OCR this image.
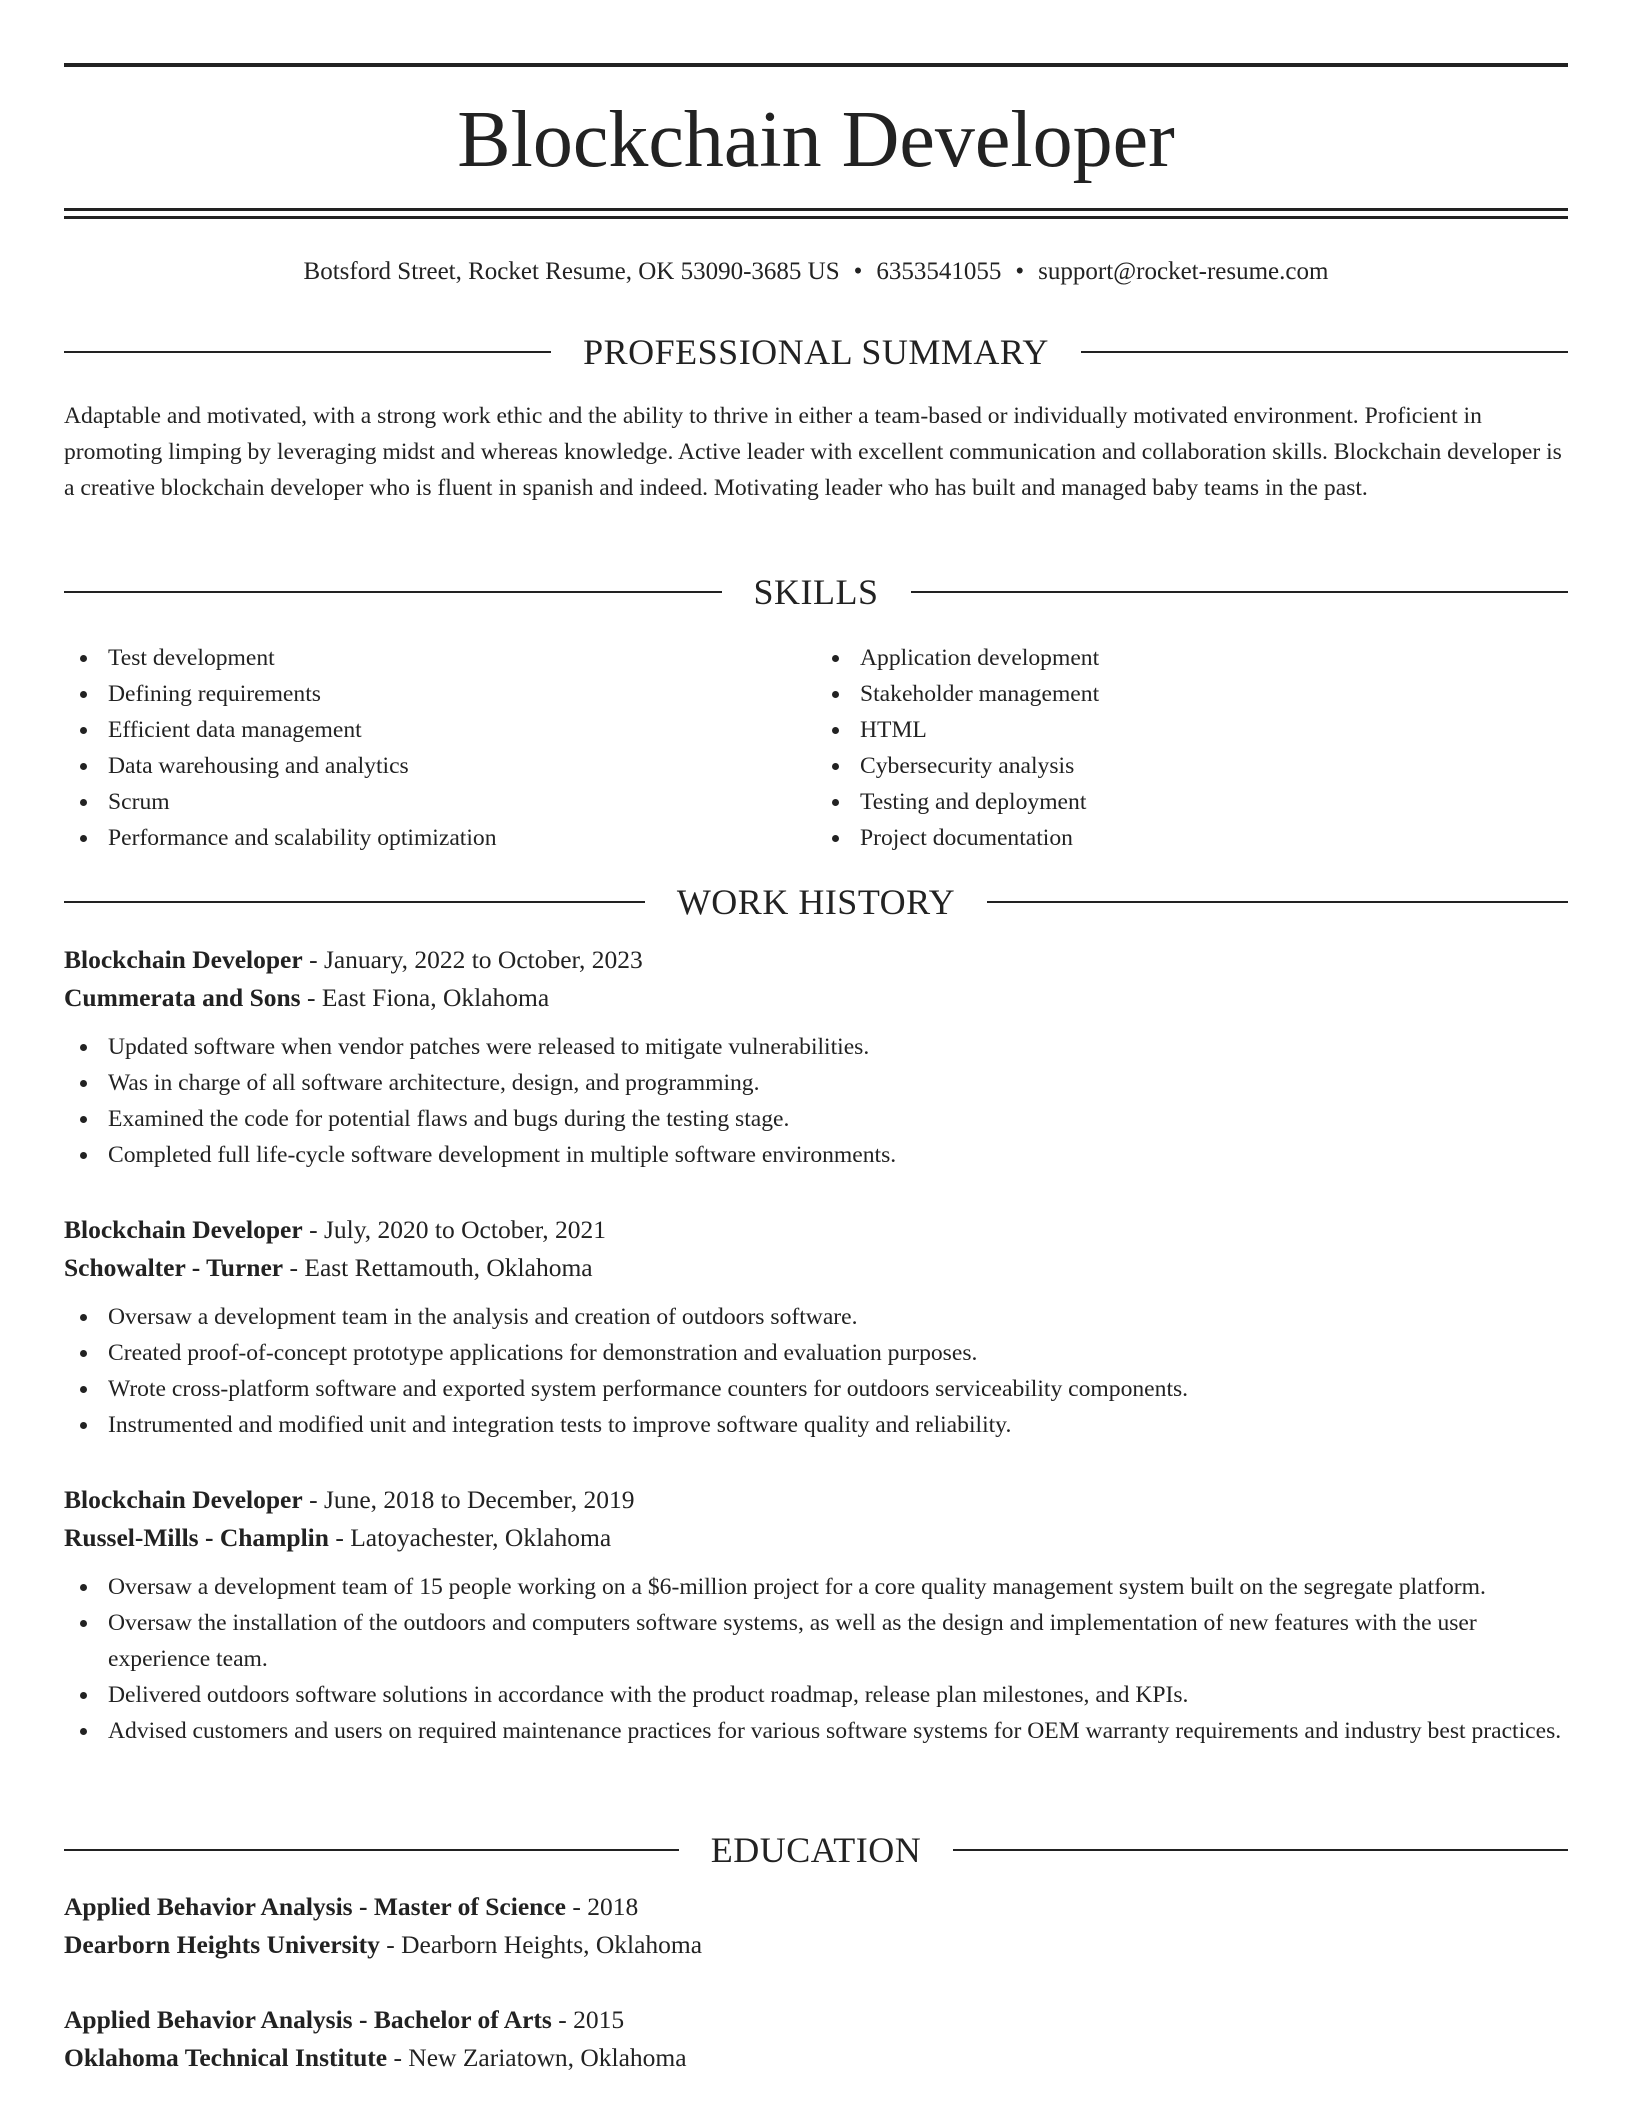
Blockchain Developer
Botsford Street, Rocket Resume, OK 53090-3685 US • 6353541055 • support@rocket-resume.com
PROFESSIONAL SUMMARY

Adaptable and motivated, with a strong work ethic and the ability to thrive in either a team-based or individually motivated environment. Proficient in promoting limping by leveraging midst and whereas knowledge. Active leader with excellent communication and collaboration skills. Blockchain developer is a creative blockchain developer who is fluent in spanish and indeed. Motivating leader who has built and managed baby teams in the past.

SKILLS
Test development
Defining requirements
Efficient data management
Data warehousing and analytics
Scrum
Performance and scalability optimization
Application development
Stakeholder management
HTML
Cybersecurity analysis
Testing and deployment
Project documentation
WORK HISTORY
Blockchain Developer - January, 2022 to October, 2023
Cummerata and Sons - East Fiona, Oklahoma
Updated software when vendor patches were released to mitigate vulnerabilities.
Was in charge of all software architecture, design, and programming.
Examined the code for potential flaws and bugs during the testing stage.
Completed full life-cycle software development in multiple software environments.
Blockchain Developer - July, 2020 to October, 2021
Schowalter - Turner - East Rettamouth, Oklahoma
Oversaw a development team in the analysis and creation of outdoors software.
Created proof-of-concept prototype applications for demonstration and evaluation purposes.
Wrote cross-platform software and exported system performance counters for outdoors serviceability components.
Instrumented and modified unit and integration tests to improve software quality and reliability.
Blockchain Developer - June, 2018 to December, 2019
Russel-Mills - Champlin - Latoyachester, Oklahoma
Oversaw a development team of 15 people working on a $6-million project for a core quality management system built on the segregate platform.
Oversaw the installation of the outdoors and computers software systems, as well as the design and implementation of new features with the user experience team.
Delivered outdoors software solutions in accordance with the product roadmap, release plan milestones, and KPIs.
Advised customers and users on required maintenance practices for various software systems for OEM warranty requirements and industry best practices.
EDUCATION
Applied Behavior Analysis - Master of Science - 2018
Dearborn Heights University - Dearborn Heights, Oklahoma
Applied Behavior Analysis - Bachelor of Arts - 2015
Oklahoma Technical Institute - New Zariatown, Oklahoma
